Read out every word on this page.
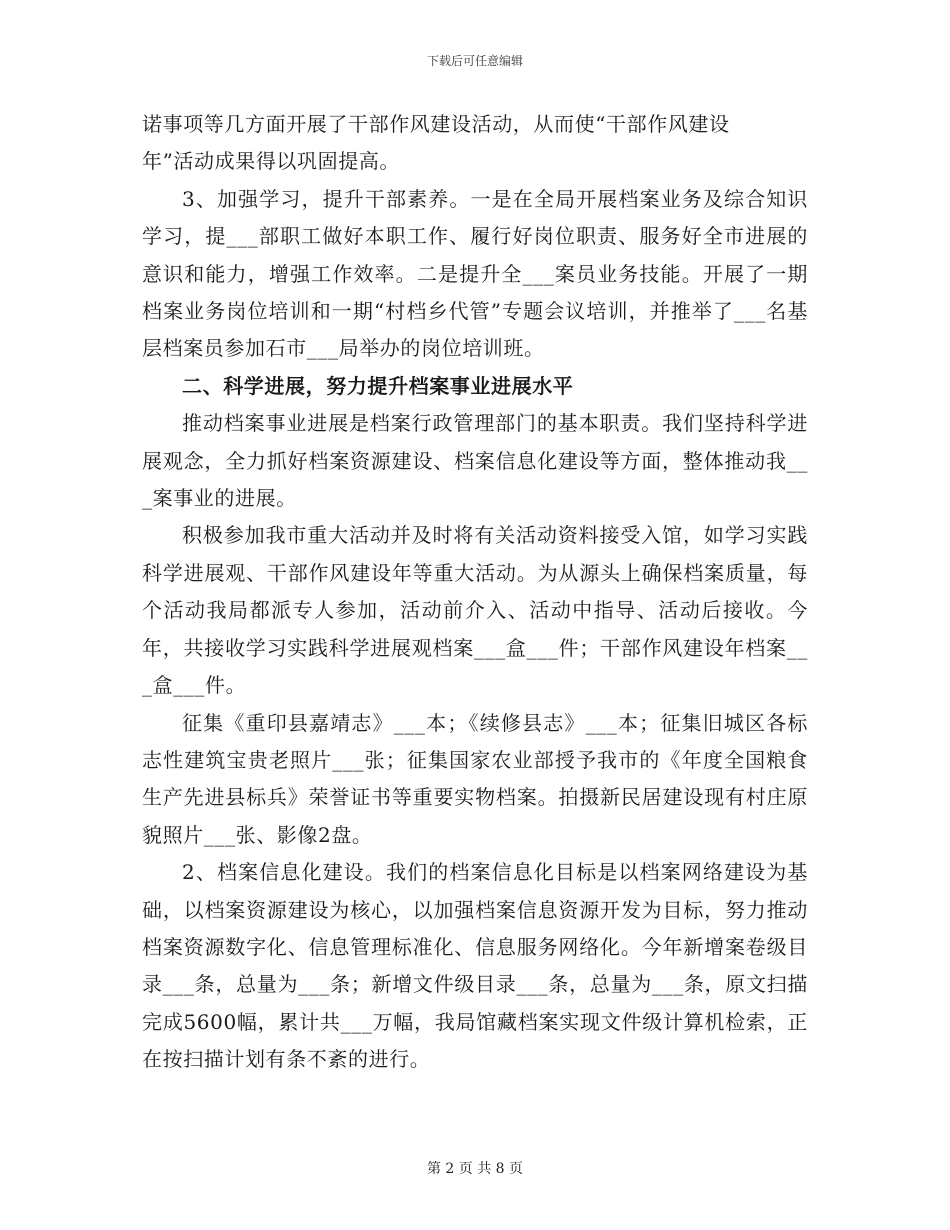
下载后可任意编辑

诺事项等几方面开展了干部作风建设活动，从而使“干部作风建设
年”活动成果得以巩固提高。

3、加强学习，提升干部素养。一是在全局开展档案业务及综合知识学习，提___部职工做好本职工作、履行好岗位职责、服务好全市进展的意识和能力，增强工作效率。二是提升全___案员业务技能。开展了一期档案业务岗位培训和一期“村档乡代管”专题会议培训，并推举了___名基层档案员参加石市___局举办的岗位培训班。

二、科学进展，努力提升档案事业进展水平

推动档案事业进展是档案行政管理部门的基本职责。我们坚持科学进展观念，全力抓好档案资源建设、档案信息化建设等方面，整体推动我___案事业的进展。

积极参加我市重大活动并及时将有关活动资料接受入馆，如学习实践科学进展观、干部作风建设年等重大活动。为从源头上确保档案质量，每个活动我局都派专人参加，活动前介入、活动中指导、活动后接收。今年，共接收学习实践科学进展观档案___盒___件；干部作风建设年档案___盒___件。

征集《重印县嘉靖志》___本；《续修县志》___本；征集旧城区各标志性建筑宝贵老照片___张；征集国家农业部授予我市的《年度全国粮食生产先进县标兵》荣誉证书等重要实物档案。拍摄新民居建设现有村庄原貌照片___张、影像2盘。

2、档案信息化建设。我们的档案信息化目标是以档案网络建设为基础，以档案资源建设为核心，以加强档案信息资源开发为目标，努力推动档案资源数字化、信息管理标准化、信息服务网络化。今年新增案卷级目录___条，总量为___条；新增文件级目录___条，总量为___条，原文扫描完成5600幅，累计共___万幅，我局馆藏档案实现文件级计算机检索，正在按扫描计划有条不紊的进行。

第 2 页 共 8 页
